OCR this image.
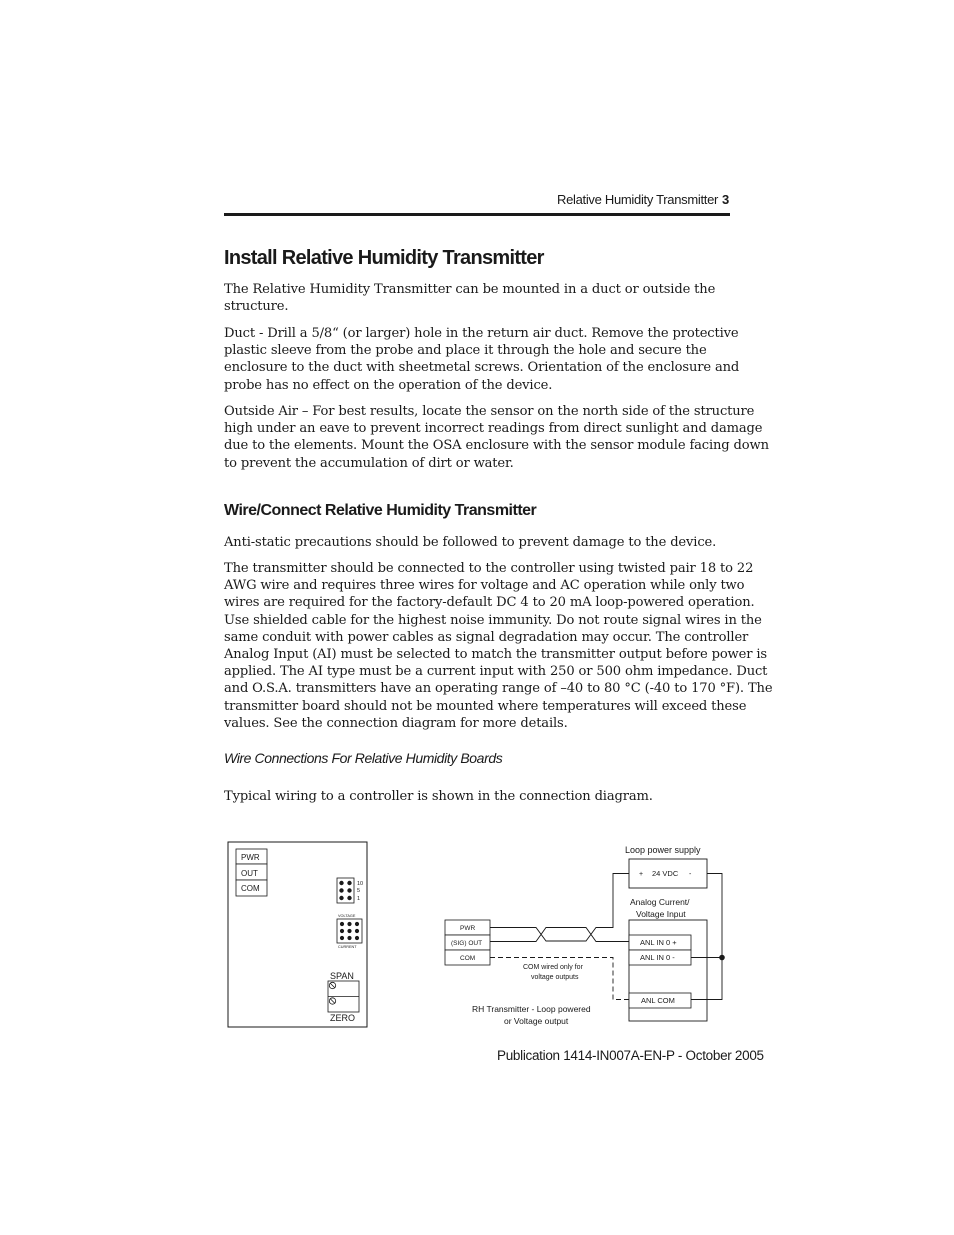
Relative Humidity Transmitter 3
Install Relative Humidity Transmitter
The Relative Humidity Transmitter can be mounted in a duct or outside the
structure.
Duct - Drill a 5/8“ (or larger) hole in the return air duct. Remove the protective
plastic sleeve from the probe and place it through the hole and secure the
enclosure to the duct with sheetmetal screws. Orientation of the enclosure and
probe has no effect on the operation of the device.
Outside Air – For best results, locate the sensor on the north side of the structure
high under an eave to prevent incorrect readings from direct sunlight and damage
due to the elements. Mount the OSA enclosure with the sensor module facing down
to prevent the accumulation of dirt or water.
Wire/Connect Relative Humidity Transmitter
Anti-static precautions should be followed to prevent damage to the device.
The transmitter should be connected to the controller using twisted pair 18 to 22
AWG wire and requires three wires for voltage and AC operation while only two
wires are required for the factory-default DC 4 to 20 mA loop-powered operation.
Use shielded cable for the highest noise immunity. Do not route signal wires in the
same conduit with power cables as signal degradation may occur. The controller
Analog Input (AI) must be selected to match the transmitter output before power is
applied. The AI type must be a current input with 250 or 500 ohm impedance. Duct
and O.S.A. transmitters have an operating range of –40 to 80 °C (-40 to 170 °F). The
transmitter board should not be mounted where temperatures will exceed these
values. See the connection diagram for more details.
Wire Connections For Relative Humidity Boards
Typical wiring to a controller is shown in the connection diagram.
PWR
OUT
COM	10
5
1
VOLTAGE
CURRENT
SPAN
ZERO
Loop power supply
+ 24 VDC -
Analog Current/
Voltage Input
ANL IN 0 +
ANL IN 0 -
ANL COM
PWR
(SIG) OUT
COM
COM wired only for
voltage outputs
RH Transmitter - Loop powered
or Voltage output
Publication 1414-IN007A-EN-P - October 2005
